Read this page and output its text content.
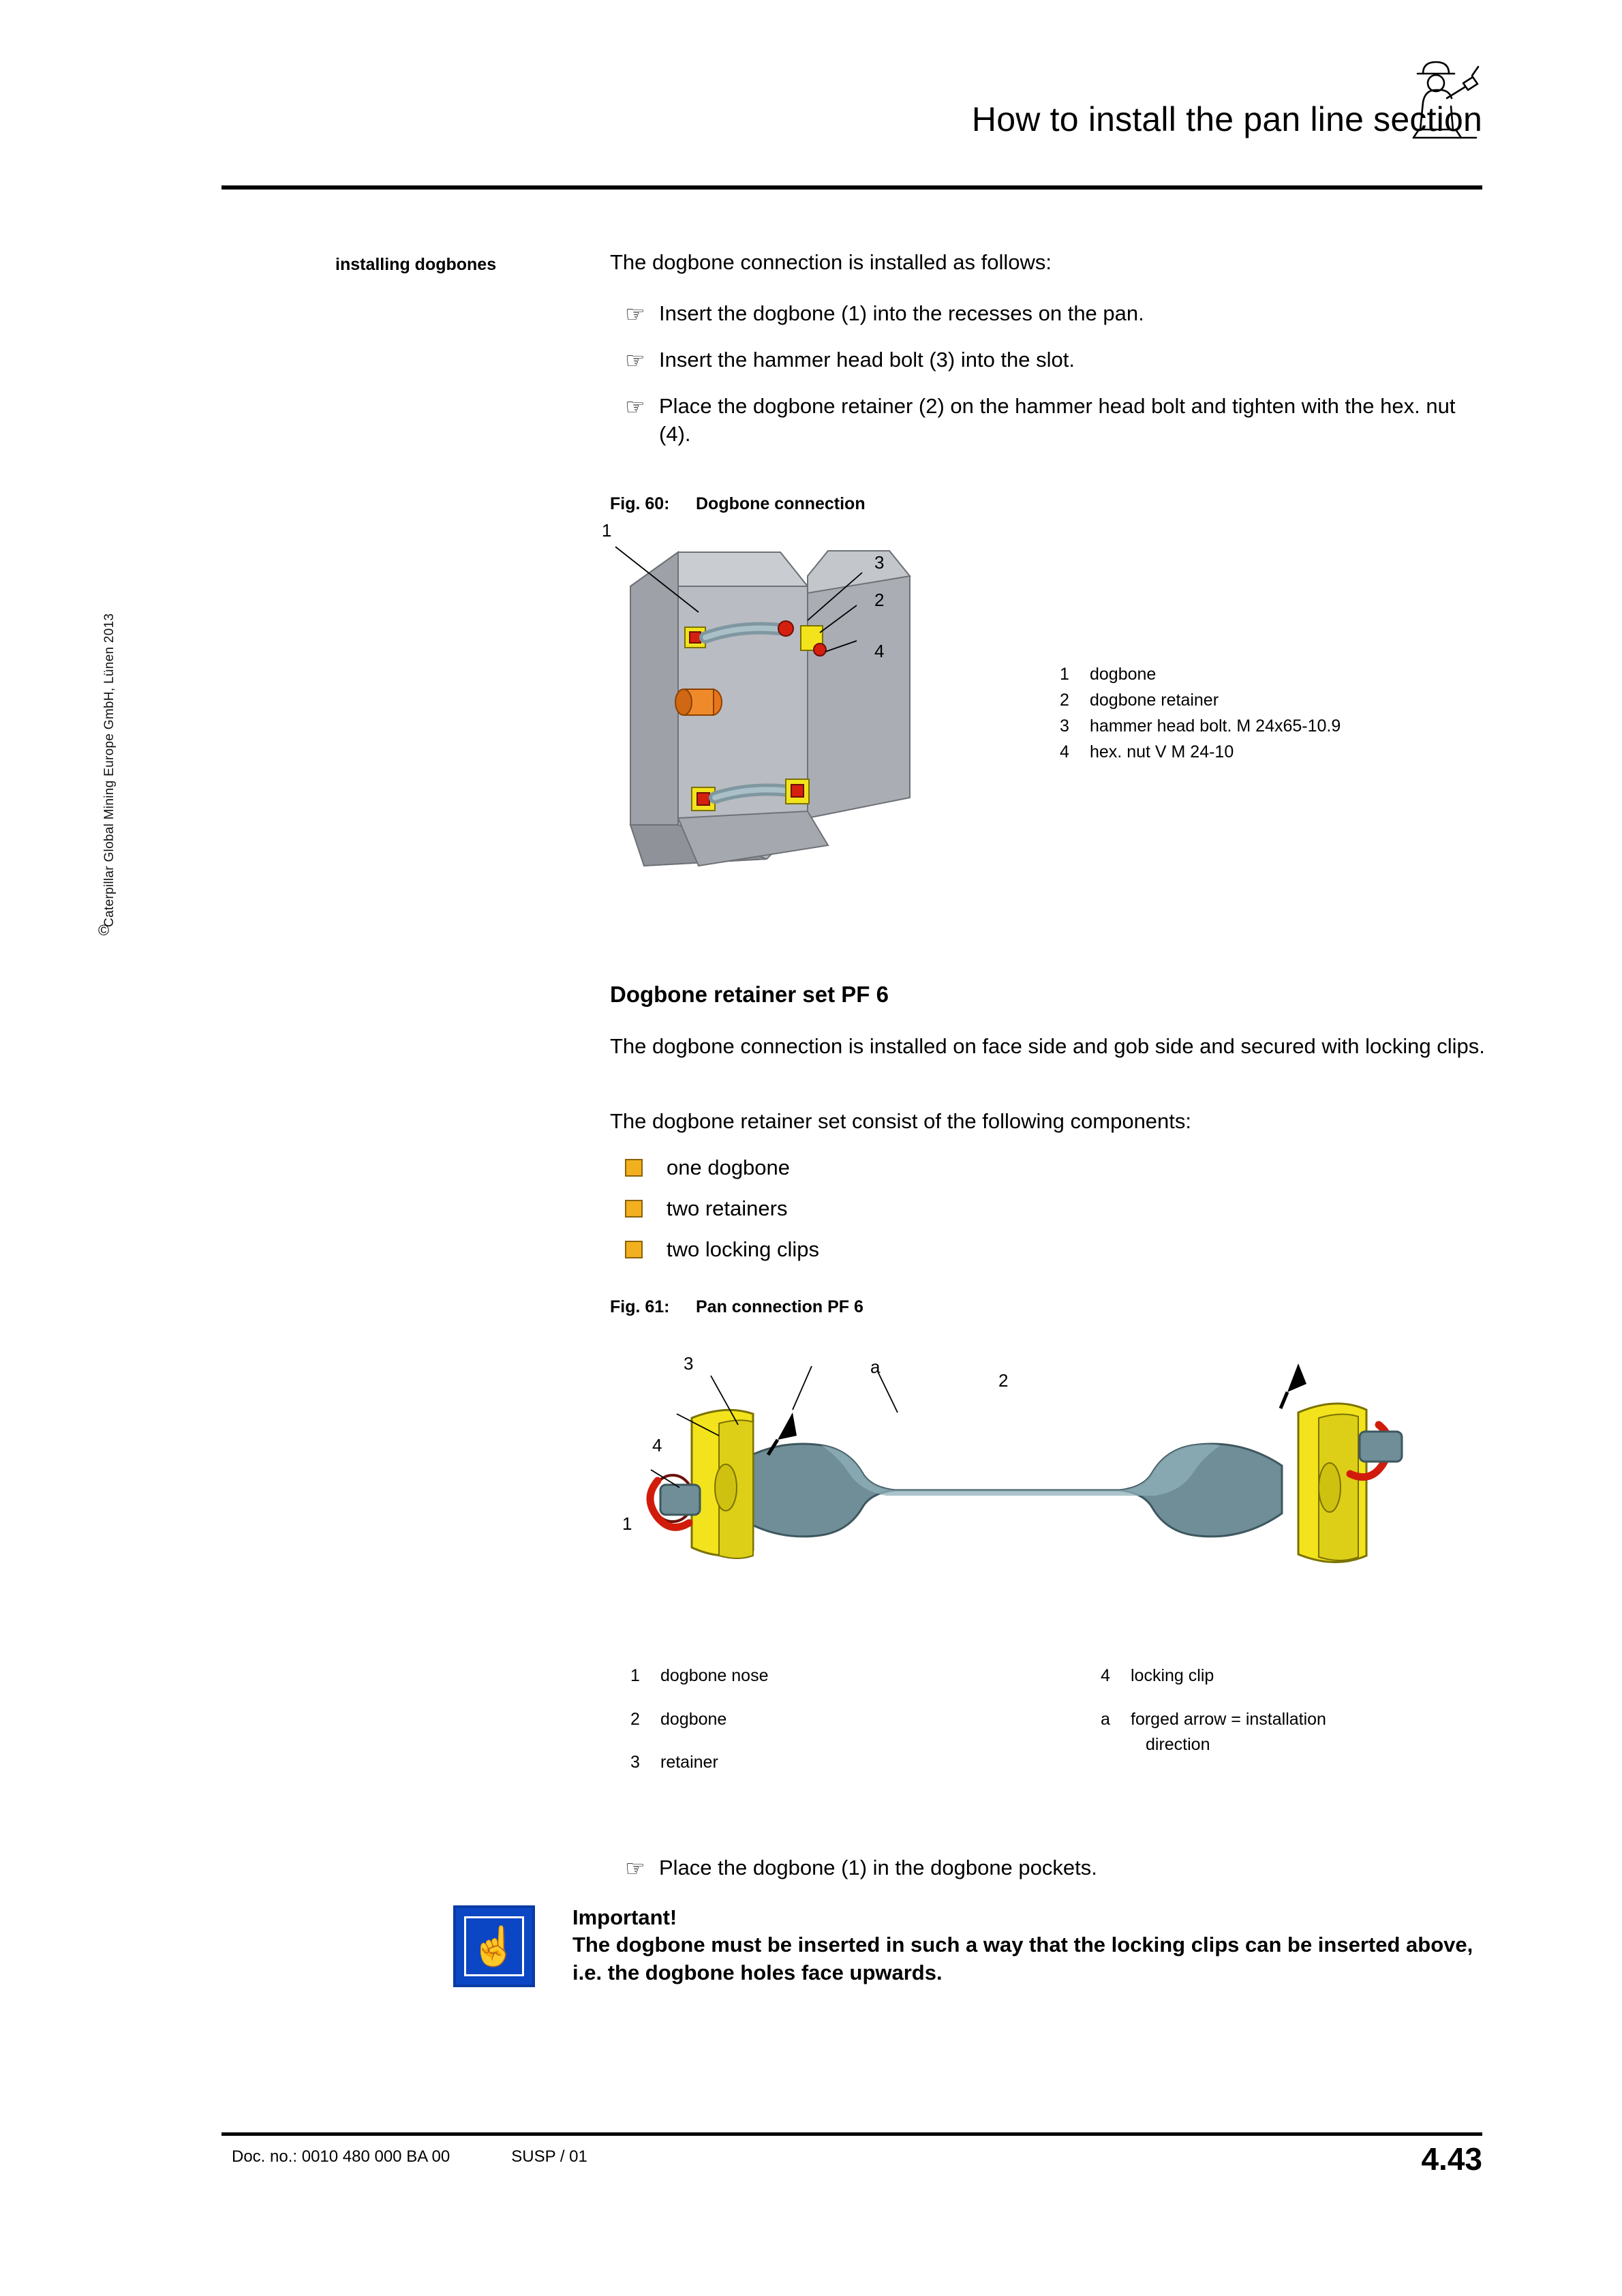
How to install the pan line section
©
Caterpillar Global Mining Europe GmbH, Lünen 2013
installing dogbones	The dogbone connection is installed as follows:
☞ Insert the dogbone (1) into the recesses on the pan.
☞ Insert the hammer head bolt (3) into the slot.
☞ Place the dogbone retainer (2) on the hammer head bolt and tighten with the hex. nut (4).
Fig. 60: Dogbone connection
1
3
2
4
1	dogbone
2	dogbone retainer
3	hammer head bolt. M 24x65-10.9
4	hex. nut V M 24-10
Dogbone retainer set PF 6
The dogbone connection is installed on face side and gob side and secured with locking clips.
The dogbone retainer set consist of the following components:
one dogbone
two retainers
two locking clips
Fig. 61: Pan connection PF 6
3	a
2
4
1
1	dogbone nose
2	dogbone
3	retainer
4	locking clip
a	forged arrow = installation
direction
☞ Place the dogbone (1) in the dogbone pockets.
☝
Important!
The dogbone must be inserted in such a way that the locking clips can be inserted above, i.e. the dogbone holes face upwards.
Doc. no.: 0010 480 000 BA 00	SUSP / 01	4.43
